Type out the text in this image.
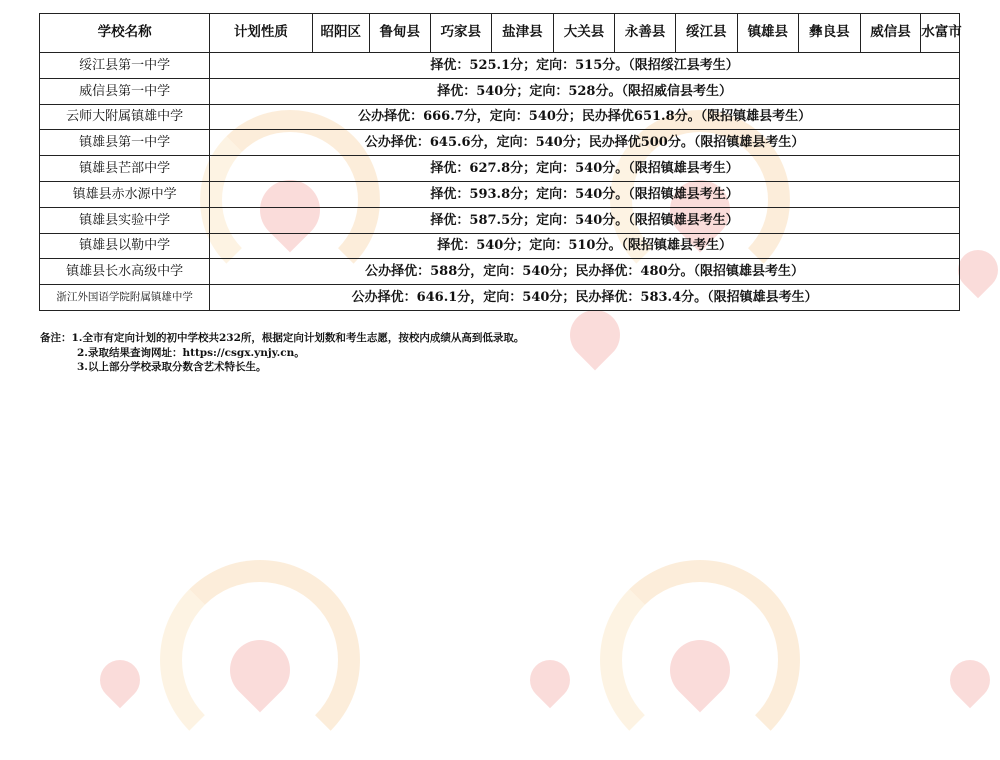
学校名称	计划性质	昭阳区	鲁甸县	巧家县	盐津县	大关县	永善县	绥江县	镇雄县	彝良县	威信县	水富市
绥江县第一中学	择优：525.1分；定向：515分。（限招绥江县考生）											
威信县第一中学	择优：540分；定向：528分。（限招威信县考生）											
云师大附属镇雄中学	公办择优：666.7分，定向：540分；民办择优651.8分。（限招镇雄县考生）											
镇雄县第一中学	公办择优：645.6分，定向：540分；民办择优500分。（限招镇雄县考生）											
镇雄县芒部中学	择优：627.8分；定向：540分。（限招镇雄县考生）											
镇雄县赤水源中学	择优：593.8分；定向：540分。（限招镇雄县考生）											
镇雄县实验中学	择优：587.5分；定向：540分。（限招镇雄县考生）											
镇雄县以勒中学	择优：540分；定向：510分。（限招镇雄县考生）											
镇雄县长水高级中学	公办择优：588分，定向：540分；民办择优：480分。（限招镇雄县考生）											
浙江外国语学院附属镇雄中学	公办择优：646.1分，定向：540分；民办择优：583.4分。（限招镇雄县考生）											
备注：1.全市有定向计划的初中学校共232所，根据定向计划数和考生志愿，按校内成绩从高到低录取。
2.录取结果查询网址：https://csgx.ynjy.cn。
3.以上部分学校录取分数含艺术特长生。
